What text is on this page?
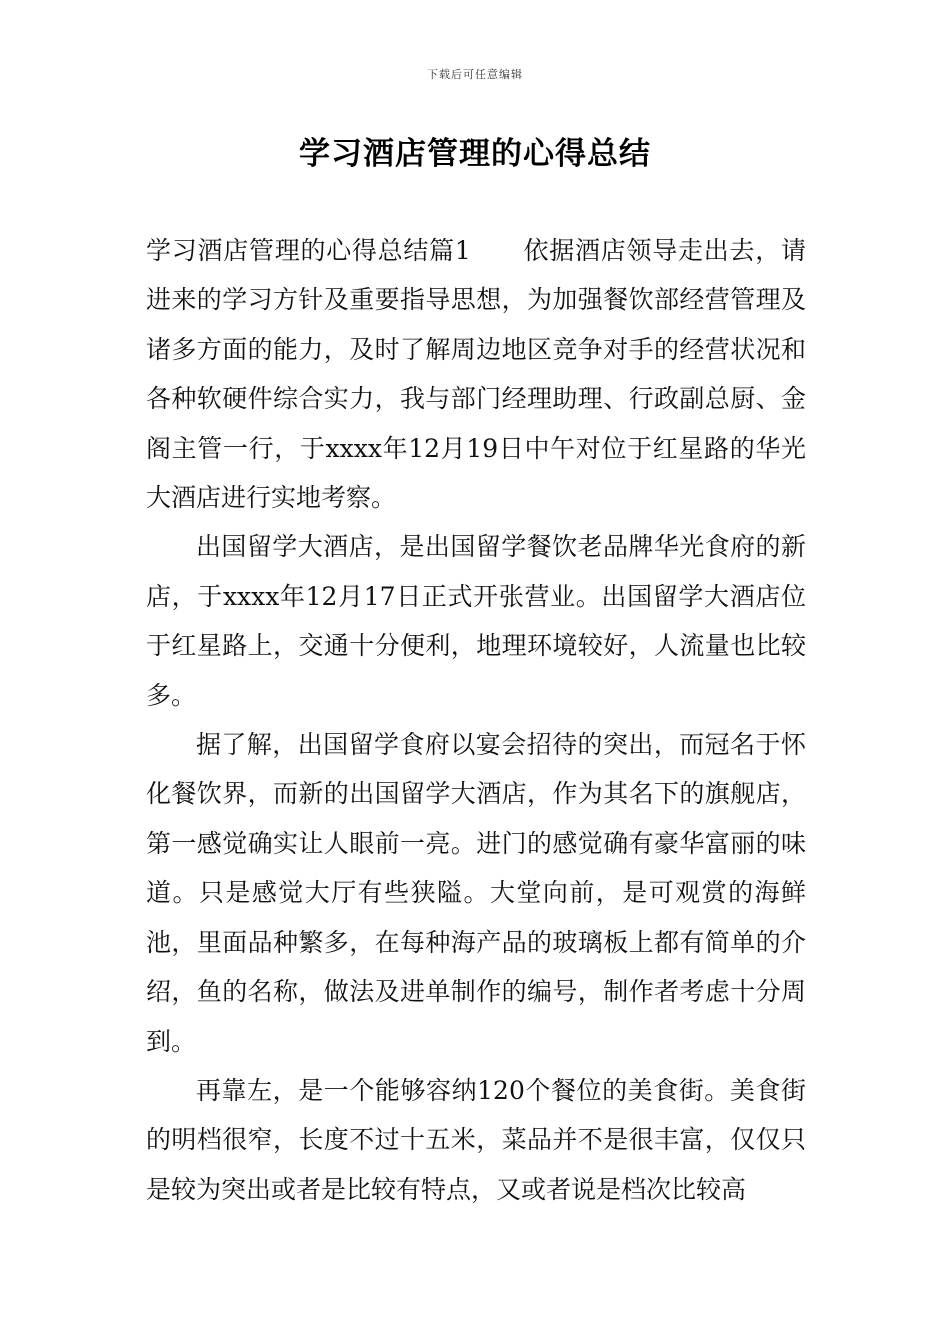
下载后可任意编辑
学习酒店管理的心得总结

学习酒店管理的心得总结篇1 依据酒店领导走出去，请进来的学习方针及重要指导思想，为加强餐饮部经营管理及诸多方面的能力，及时了解周边地区竞争对手的经营状况和各种软硬件综合实力，我与部门经理助理、行政副总厨、金阁主管一行，于xxxx年12月19日中午对位于红星路的华光大酒店进行实地考察。

出国留学大酒店，是出国留学餐饮老品牌华光食府的新店，于xxxx年12月17日正式开张营业。出国留学大酒店位于红星路上，交通十分便利，地理环境较好，人流量也比较多。

据了解，出国留学食府以宴会招待的突出，而冠名于怀化餐饮界，而新的出国留学大酒店，作为其名下的旗舰店，第一感觉确实让人眼前一亮。进门的感觉确有豪华富丽的味道。只是感觉大厅有些狭隘。大堂向前，是可观赏的海鲜池，里面品种繁多，在每种海产品的玻璃板上都有简单的介绍，鱼的名称，做法及进单制作的编号，制作者考虑十分周到。

再靠左，是一个能够容纳120个餐位的美食街。美食街的明档很窄，长度不过十五米，菜品并不是很丰富，仅仅只是较为突出或者是比较有特点，又或者说是档次比较高
